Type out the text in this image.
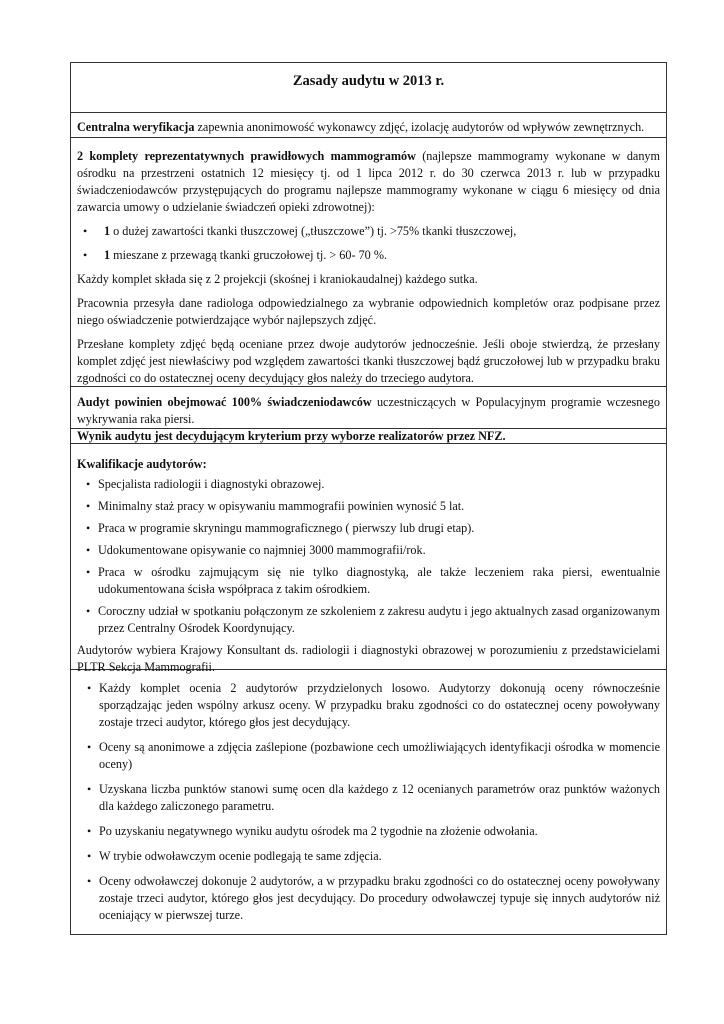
Zasady audytu w 2013 r.

Centralna weryfikacja zapewnia anonimowość wykonawcy zdjęć, izolację audytorów od wpływów zewnętrznych.

2 komplety reprezentatywnych prawidłowych mammogramów (najlepsze mammogramy wykonane w danym ośrodku na przestrzeni ostatnich 12 miesięcy tj. od 1 lipca 2012 r. do 30 czerwca 2013 r. lub w przypadku świadczeniodawców przystępujących do programu najlepsze mammogramy wykonane w ciągu 6 miesięcy od dnia zawarcia umowy o udzielanie świadczeń opieki zdrowotnej):

• 1 o dużej zawartości tkanki tłuszczowej („tłuszczowe”) tj. >75% tkanki tłuszczowej,
• 1 mieszane z przewagą tkanki gruczołowej tj. > 60- 70 %.

Każdy komplet składa się z 2 projekcji (skośnej i kraniokaudalnej) każdego sutka.

Pracownia przesyła dane radiologa odpowiedzialnego za wybranie odpowiednich kompletów oraz podpisane przez niego oświadczenie potwierdzające wybór najlepszych zdjęć.

Przesłane komplety zdjęć będą oceniane przez dwoje audytorów jednocześnie. Jeśli oboje stwierdzą, że przesłany komplet zdjęć jest niewłaściwy pod względem zawartości tkanki tłuszczowej bądź gruczołowej lub w przypadku braku zgodności co do ostatecznej oceny decydujący głos należy do trzeciego audytora.

Audyt powinien obejmować 100% świadczeniodawców uczestniczących w Populacyjnym programie wczesnego wykrywania raka piersi.

Wynik audytu jest decydującym kryterium przy wyborze realizatorów przez NFZ.

Kwalifikacje audytorów:

• Specjalista radiologii i diagnostyki obrazowej.
• Minimalny staż pracy w opisywaniu mammografii powinien wynosić 5 lat.
• Praca w programie skryningu mammograficznego ( pierwszy lub drugi etap).
• Udokumentowane opisywanie co najmniej 3000 mammografii/rok.
• Praca w ośrodku zajmującym się nie tylko diagnostyką, ale także leczeniem raka piersi, ewentualnie udokumentowana ścisła współpraca z takim ośrodkiem.
• Coroczny udział w spotkaniu połączonym ze szkoleniem z zakresu audytu i jego aktualnych zasad organizowanym przez Centralny Ośrodek Koordynujący.

Audytorów wybiera Krajowy Konsultant ds. radiologii i diagnostyki obrazowej w porozumieniu z przedstawicielami PLTR Sekcja Mammografii.

• Każdy komplet ocenia 2 audytorów przydzielonych losowo. Audytorzy dokonują oceny równocześnie sporządzając jeden wspólny arkusz oceny. W przypadku braku zgodności co do ostatecznej oceny powoływany zostaje trzeci audytor, którego głos jest decydujący.
• Oceny są anonimowe a zdjęcia zaślepione (pozbawione cech umożliwiających identyfikacji ośrodka w momencie oceny)
• Uzyskana liczba punktów stanowi sumę ocen dla każdego z 12 ocenianych parametrów oraz punktów ważonych dla każdego zaliczonego parametru.
• Po uzyskaniu negatywnego wyniku audytu ośrodek ma 2 tygodnie na złożenie odwołania.
• W trybie odwoławczym ocenie podlegają te same zdjęcia.
• Oceny odwoławczej dokonuje 2 audytorów, a w przypadku braku zgodności co do ostatecznej oceny powoływany zostaje trzeci audytor, którego głos jest decydujący. Do procedury odwoławczej typuje się innych audytorów niż oceniający w pierwszej turze.
